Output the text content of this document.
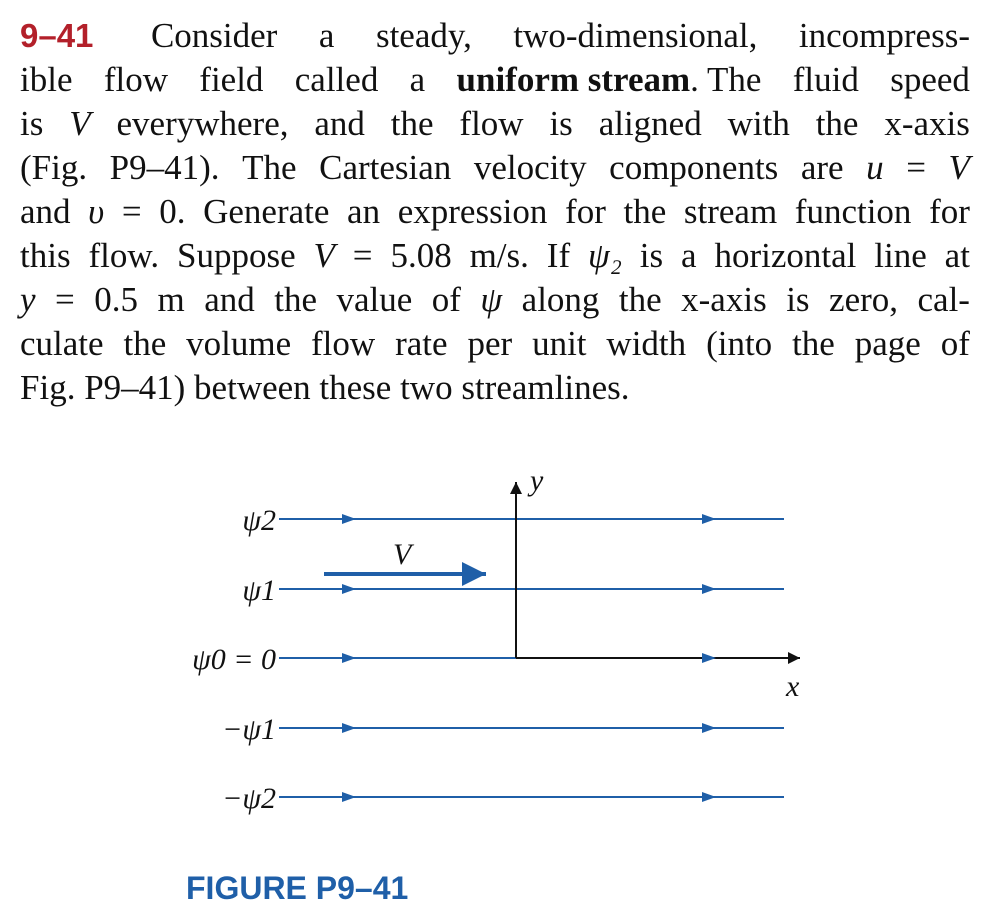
9–41 Consider a steady, two-dimensional, incompress-
ible flow field called a uniform stream. The fluid speed
is V everywhere, and the flow is aligned with the x-axis
(Fig. P9–41). The Cartesian velocity components are u = V
and υ = 0. Generate an expression for the stream function for
this flow. Suppose V = 5.08 m/s. If ψ₂ is a horizontal line at
y = 0.5 m and the value of ψ along the x-axis is zero, cal-
culate the volume flow rate per unit width (into the page of
Fig. P9–41) between these two streamlines.
V
y
x
ψ2
ψ1
ψ0 = 0
−ψ1
−ψ2
FIGURE P9–41
